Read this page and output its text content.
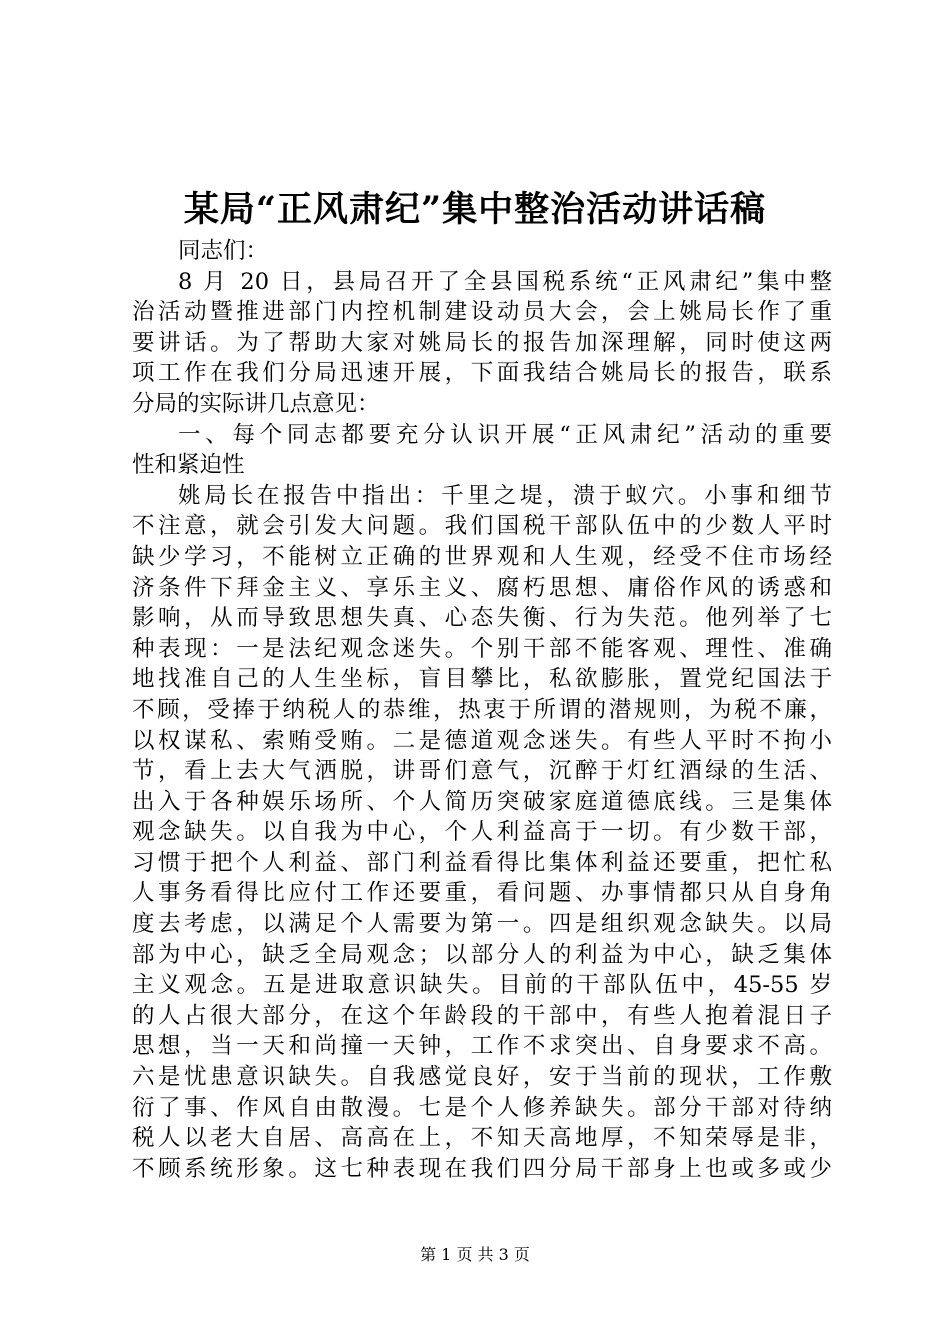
某局“正风肃纪”集中整治活动讲话稿
同志们：
8 月 20 日，县局召开了全县国税系统“正风肃纪”集中整
治活动暨推进部门内控机制建设动员大会，会上姚局长作了重
要讲话。为了帮助大家对姚局长的报告加深理解，同时使这两
项工作在我们分局迅速开展，下面我结合姚局长的报告，联系
分局的实际讲几点意见：
一、每个同志都要充分认识开展“正风肃纪”活动的重要
性和紧迫性
姚局长在报告中指出：千里之堤，溃于蚁穴。小事和细节
不注意，就会引发大问题。我们国税干部队伍中的少数人平时
缺少学习，不能树立正确的世界观和人生观，经受不住市场经
济条件下拜金主义、享乐主义、腐朽思想、庸俗作风的诱惑和
影响，从而导致思想失真、心态失衡、行为失范。他列举了七
种表现：一是法纪观念迷失。个别干部不能客观、理性、准确
地找准自己的人生坐标，盲目攀比，私欲膨胀，置党纪国法于
不顾，受捧于纳税人的恭维，热衷于所谓的潜规则，为税不廉，
以权谋私、索贿受贿。二是德道观念迷失。有些人平时不拘小
节，看上去大气洒脱，讲哥们意气，沉醉于灯红酒绿的生活、
出入于各种娱乐场所、个人简历突破家庭道德底线。三是集体
观念缺失。以自我为中心，个人利益高于一切。有少数干部，
习惯于把个人利益、部门利益看得比集体利益还要重，把忙私
人事务看得比应付工作还要重，看问题、办事情都只从自身角
度去考虑，以满足个人需要为第一。四是组织观念缺失。以局
部为中心，缺乏全局观念；以部分人的利益为中心，缺乏集体
主义观念。五是进取意识缺失。目前的干部队伍中，45-55 岁
的人占很大部分，在这个年龄段的干部中，有些人抱着混日子
思想，当一天和尚撞一天钟，工作不求突出、自身要求不高。
六是忧患意识缺失。自我感觉良好，安于当前的现状，工作敷
衍了事、作风自由散漫。七是个人修养缺失。部分干部对待纳
税人以老大自居、高高在上，不知天高地厚，不知荣辱是非，
不顾系统形象。这七种表现在我们四分局干部身上也或多或少
第 1 页 共 3 页
